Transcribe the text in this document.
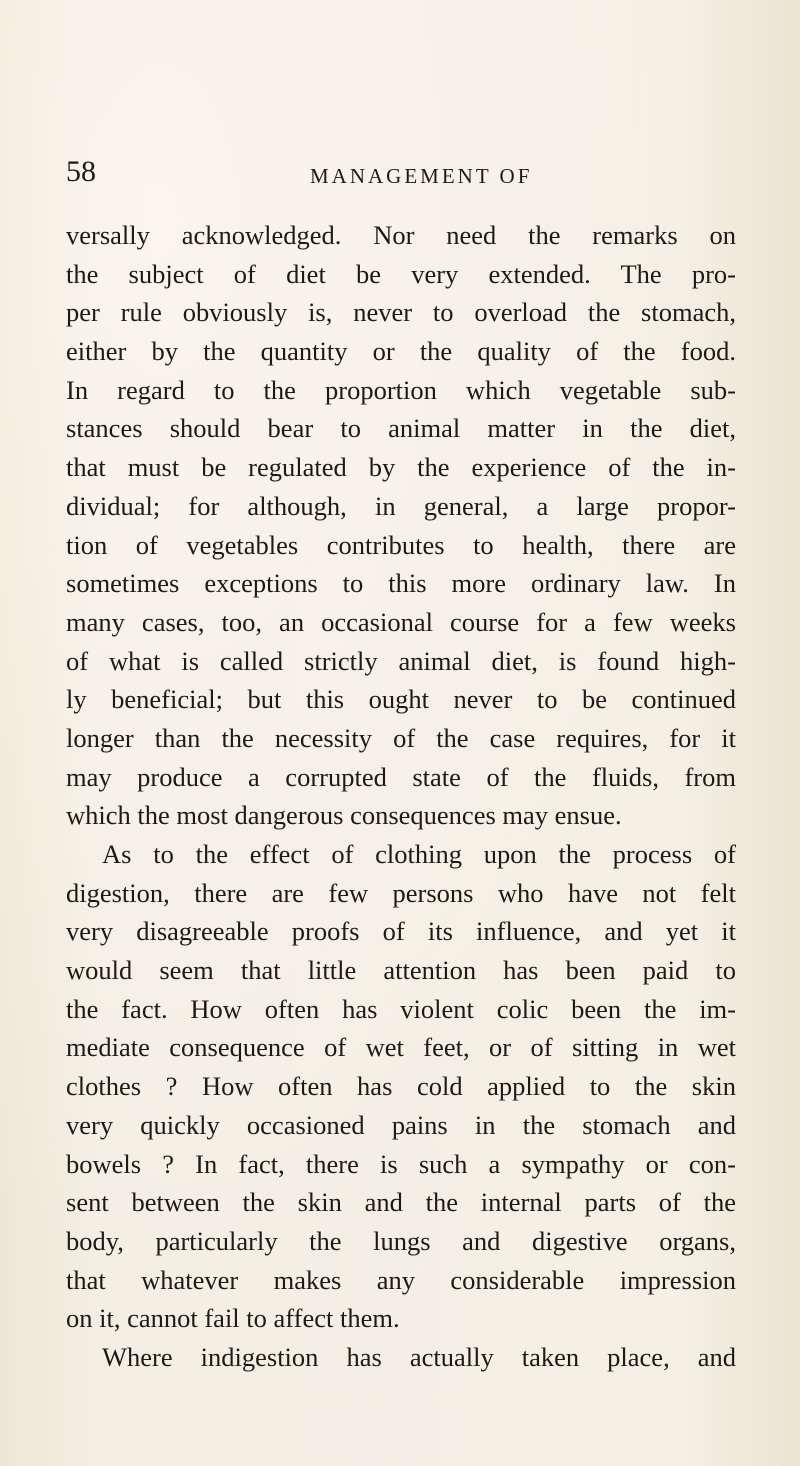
58	MANAGEMENT OF
versally acknowledged. Nor need the remarks on
the subject of diet be very extended. The pro-
per rule obviously is, never to overload the stomach,
either by the quantity or the quality of the food.
In regard to the proportion which vegetable sub-
stances should bear to animal matter in the diet,
that must be regulated by the experience of the in-
dividual; for although, in general, a large propor-
tion of vegetables contributes to health, there are
sometimes exceptions to this more ordinary law. In
many cases, too, an occasional course for a few weeks
of what is called strictly animal diet, is found high-
ly beneficial; but this ought never to be continued
longer than the necessity of the case requires, for it
may produce a corrupted state of the fluids, from
which the most dangerous consequences may ensue.
As to the effect of clothing upon the process of
digestion, there are few persons who have not felt
very disagreeable proofs of its influence, and yet it
would seem that little attention has been paid to
the fact. How often has violent colic been the im-
mediate consequence of wet feet, or of sitting in wet
clothes ? How often has cold applied to the skin
very quickly occasioned pains in the stomach and
bowels ? In fact, there is such a sympathy or con-
sent between the skin and the internal parts of the
body, particularly the lungs and digestive organs,
that whatever makes any considerable impression
on it, cannot fail to affect them.
Where indigestion has actually taken place, and
